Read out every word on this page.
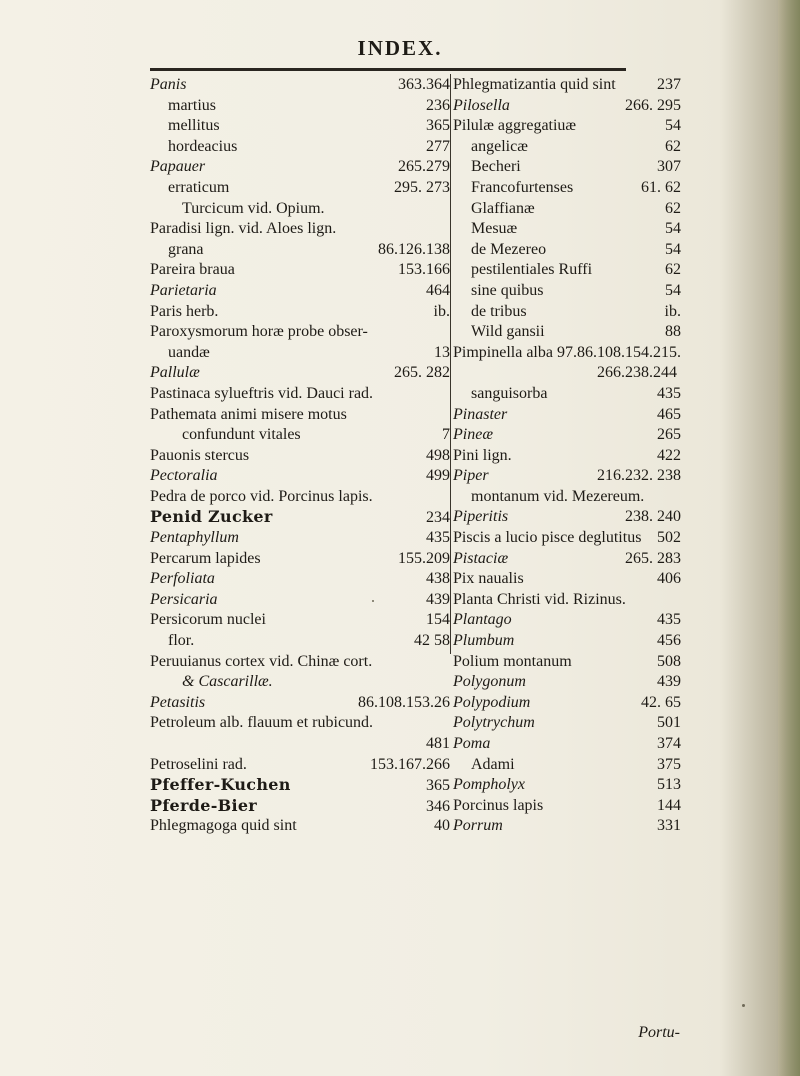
INDEX.
Panis	363.364
martius	236
mellitus	365
hordeacius	277
Papauer	265.279
erraticum	295. 273
Turcicum vid. Opium.
Paradisi lign. vid. Aloes lign.
grana	86.126.138
Pareira braua	153.166
Parietaria	464
Paris herb.	ib.
Paroxysmorum horæ probe obser-
uandæ	13
Pallulæ	265. 282
Pastinaca sylueftris vid. Dauci rad.
Pathemata animi misere motus
confundunt vitales	7
Pauonis stercus	498
Pectoralia	499
Pedra de porco vid. Porcinus lapis.
Penid Zucker	234
Pentaphyllum	435
Percarum lapides	155.209
Perfoliata	438
Persicaria	439
Persicorum nuclei	154
flor.	42 58
Peruuianus cortex vid. Chinæ cort.
& Cascarillæ.
Petasitis	86.108.153.26
Petroleum alb. flauum et rubicund.
481
Petroselini rad.	153.167.266
Pfeffer-Kuchen	365
Pferde-Bier	346
Phlegmagoga quid sint	40
Phlegmatizantia quid sint	237
Pilosella	266. 295
Pilulæ aggregatiuæ	54
angelicæ	62
Becheri	307
Francofurtenses	61. 62
Glaffianæ	62
Mesuæ	54
de Mezereo	54
pestilentiales Ruffi	62
sine quibus	54
de tribus	ib.
Wild gansii	88
Pimpinella alba 97.86.108.154.215.
266.238.244
sanguisorba	435
Pinaster	465
Pineæ	265
Pini lign.	422
Piper	216.232. 238
montanum vid. Mezereum.
Piperitis	238. 240
Piscis a lucio pisce deglutitus 502
Pistaciæ	265. 283
Pix naualis	406
Planta Christi vid. Rizinus.
Plantago	435
Plumbum	456
Polium montanum	508
Polygonum	439
Polypodium	42. 65
Polytrychum	501
Poma	374
Adami	375
Pompholyx	513
Porcinus lapis	144
Porrum	331
Portu-
